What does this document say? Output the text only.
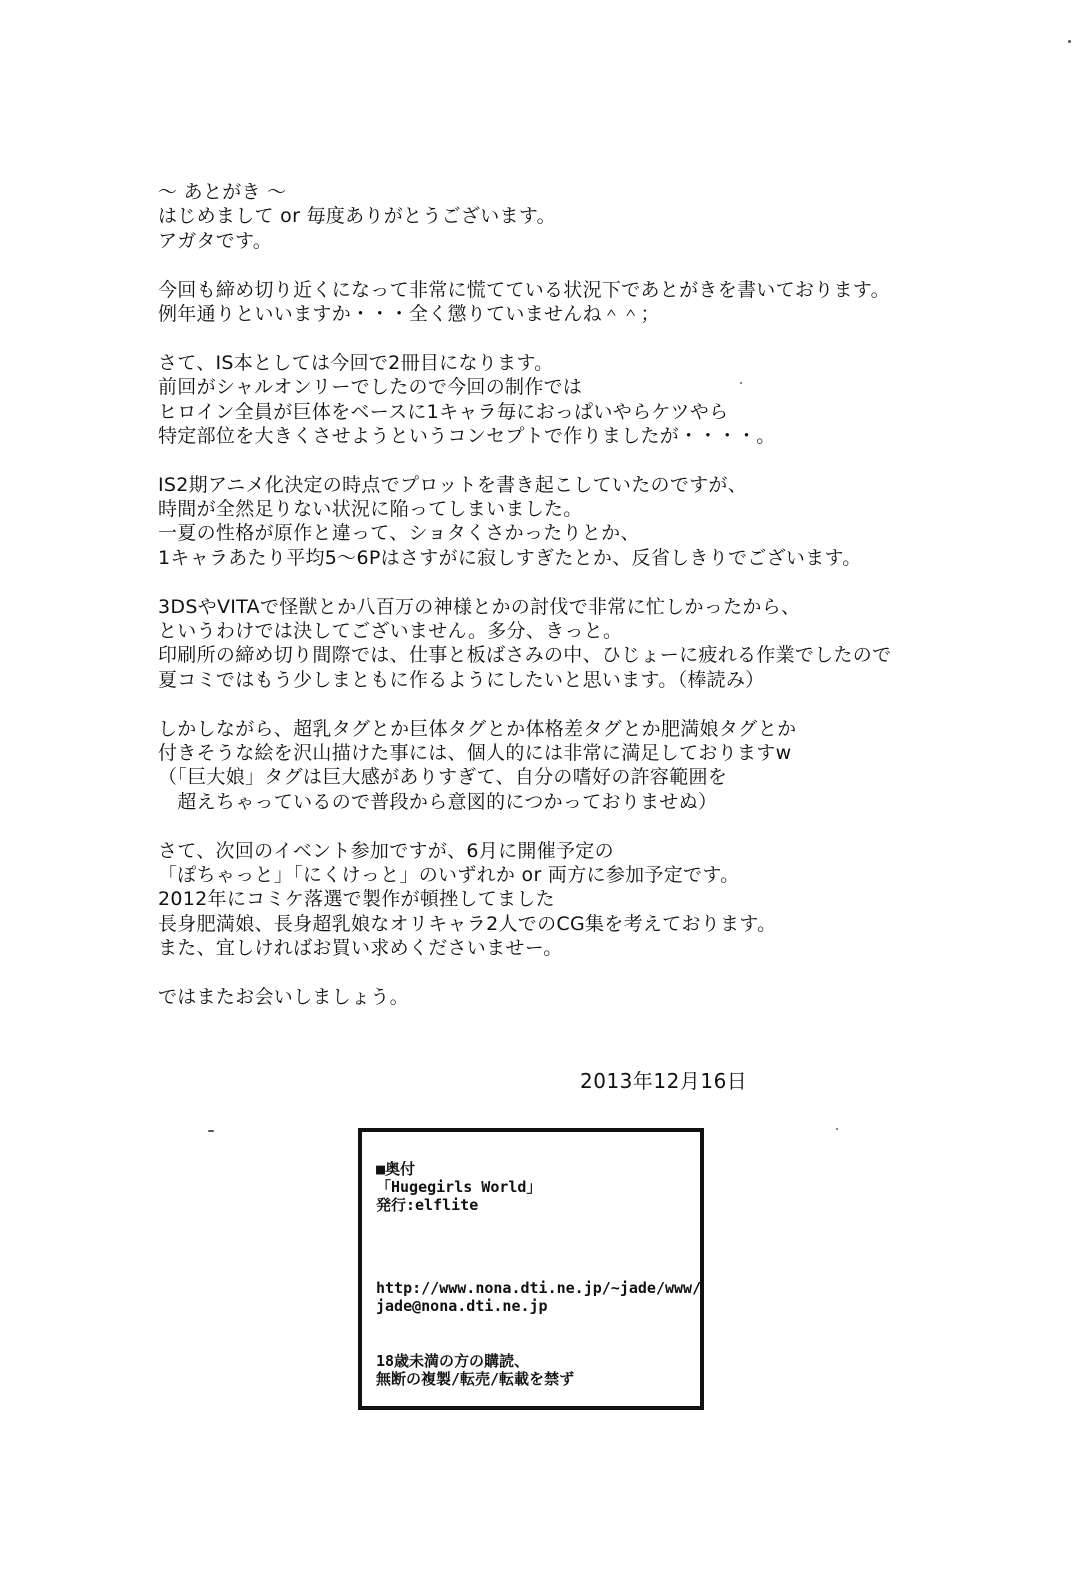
～ あとがき ～
はじめまして or 毎度ありがとうございます。
アガタです。
今回も締め切り近くになって非常に慌てている状況下であとがきを書いております。
例年通りといいますか・・・全く懲りていませんね＾＾；
さて、IS本としては今回で2冊目になります。
前回がシャルオンリーでしたので今回の制作では
ヒロイン全員が巨体をベースに1キャラ毎におっぱいやらケツやら
特定部位を大きくさせようというコンセプトで作りましたが・・・・。
IS2期アニメ化決定の時点でプロットを書き起こしていたのですが、
時間が全然足りない状況に陥ってしまいました。
一夏の性格が原作と違って、ショタくさかったりとか、
1キャラあたり平均5～6Pはさすがに寂しすぎたとか、反省しきりでございます。
3DSやVITAで怪獣とか八百万の神様とかの討伐で非常に忙しかったから、
というわけでは決してございません。多分、きっと。
印刷所の締め切り間際では、仕事と板ばさみの中、ひじょーに疲れる作業でしたので
夏コミではもう少しまともに作るようにしたいと思います。（棒読み）
しかしながら、超乳タグとか巨体タグとか体格差タグとか肥満娘タグとか
付きそうな絵を沢山描けた事には、個人的には非常に満足しておりますw
（「巨大娘」タグは巨大感がありすぎて、自分の嗜好の許容範囲を
　超えちゃっているので普段から意図的につかっておりませぬ）
さて、次回のイベント参加ですが、6月に開催予定の
「ぽちゃっと」「にくけっと」のいずれか or 両方に参加予定です。
2012年にコミケ落選で製作が頓挫してました
長身肥満娘、長身超乳娘なオリキャラ2人でのCG集を考えております。
また、宜しければお買い求めくださいませー。
ではまたお会いしましょう。
2013年12月16日
■奥付
「Hugegirls World」
発行:elflite
http://www.nona.dti.ne.jp/~jade/www/
jade@nona.dti.ne.jp
18歳未満の方の購読、
無断の複製/転売/転載を禁ず
